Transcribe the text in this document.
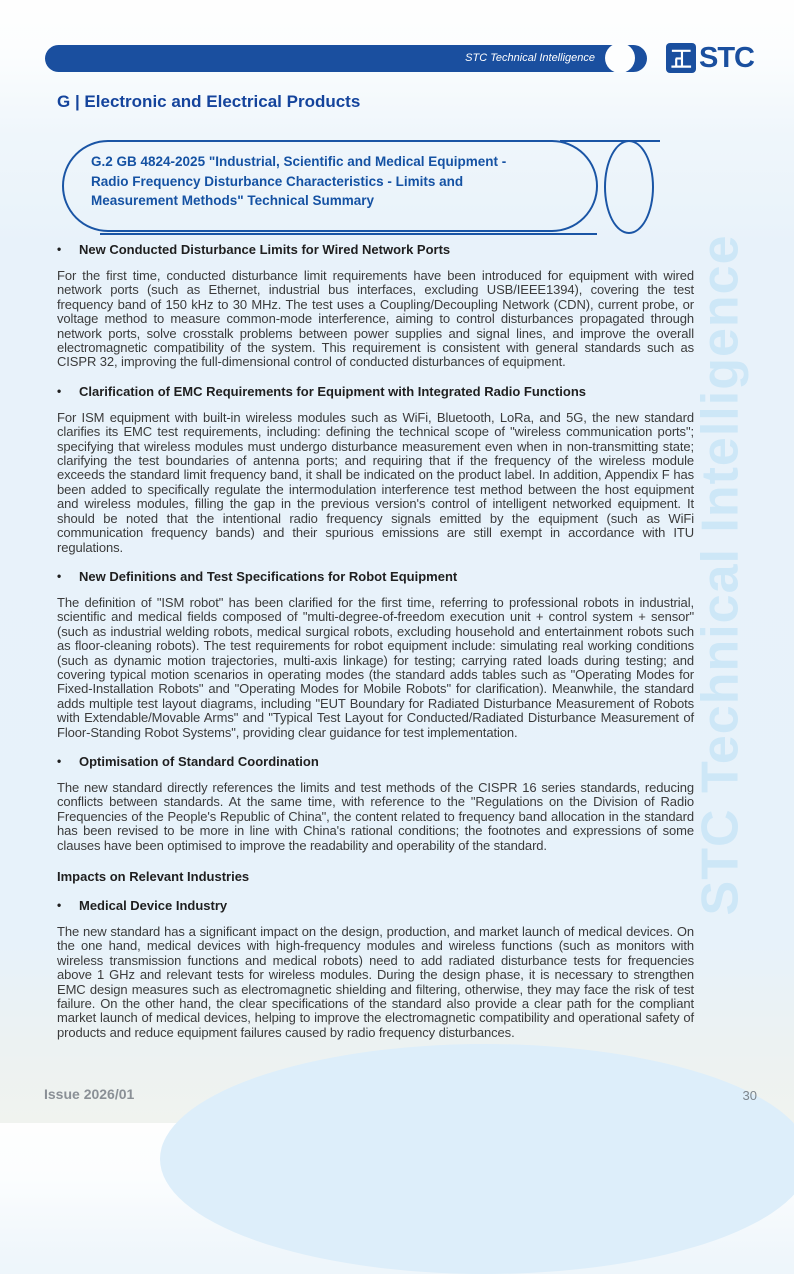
STC Technical Intelligence
STC Technical Intelligence	STC
G | Electronic and Electrical Products
G.2 GB 4824-2025 "Industrial, Scientific and Medical Equipment -
Radio Frequency Disturbance Characteristics - Limits and
Measurement Methods" Technical Summary
•	New Conducted Disturbance Limits for Wired Network Ports

For the first time, conducted disturbance limit requirements have been introduced for equipment with wired network ports (such as Ethernet, industrial bus interfaces, excluding USB/IEEE1394), covering the test frequency band of 150 kHz to 30 MHz. The test uses a Coupling/Decoupling Network (CDN), current probe, or voltage method to measure common-mode interference, aiming to control disturbances propagated through network ports, solve crosstalk problems between power supplies and signal lines, and improve the overall electromagnetic compatibility of the system. This requirement is consistent with general standards such as CISPR 32, improving the full-dimensional control of conducted disturbances of equipment.

•	Clarification of EMC Requirements for Equipment with Integrated Radio Functions

For ISM equipment with built-in wireless modules such as WiFi, Bluetooth, LoRa, and 5G, the new standard clarifies its EMC test requirements, including: defining the technical scope of "wireless communication ports"; specifying that wireless modules must undergo disturbance measurement even when in non-transmitting state; clarifying the test boundaries of antenna ports; and requiring that if the frequency of the wireless module exceeds the standard limit frequency band, it shall be indicated on the product label. In addition, Appendix F has been added to specifically regulate the intermodulation interference test method between the host equipment and wireless modules, filling the gap in the previous version's control of intelligent networked equipment. It should be noted that the intentional radio frequency signals emitted by the equipment (such as WiFi communication frequency bands) and their spurious emissions are still exempt in accordance with ITU regulations.

•	New Definitions and Test Specifications for Robot Equipment

The definition of "ISM robot" has been clarified for the first time, referring to professional robots in industrial, scientific and medical fields composed of "multi-degree-of-freedom execution unit + control system + sensor" (such as industrial welding robots, medical surgical robots, excluding household and entertainment robots such as floor-cleaning robots). The test requirements for robot equipment include: simulating real working conditions (such as dynamic motion trajectories, multi-axis linkage) for testing; carrying rated loads during testing; and covering typical motion scenarios in operating modes (the standard adds tables such as "Operating Modes for Fixed-Installation Robots" and "Operating Modes for Mobile Robots" for clarification). Meanwhile, the standard adds multiple test layout diagrams, including "EUT Boundary for Radiated Disturbance Measurement of Robots with Extendable/Movable Arms" and "Typical Test Layout for Conducted/Radiated Disturbance Measurement of Floor-Standing Robot Systems", providing clear guidance for test implementation.

•	Optimisation of Standard Coordination

The new standard directly references the limits and test methods of the CISPR 16 series standards, reducing conflicts between standards. At the same time, with reference to the "Regulations on the Division of Radio Frequencies of the People's Republic of China", the content related to frequency band allocation in the standard has been revised to be more in line with China's rational conditions; the footnotes and expressions of some clauses have been optimised to improve the readability and operability of the standard.

Impacts on Relevant Industries
•	Medical Device Industry

The new standard has a significant impact on the design, production, and market launch of medical devices. On the one hand, medical devices with high-frequency modules and wireless functions (such as monitors with wireless transmission functions and medical robots) need to add radiated disturbance tests for frequencies above 1 GHz and relevant tests for wireless modules. During the design phase, it is necessary to strengthen EMC design measures such as electromagnetic shielding and filtering, otherwise, they may face the risk of test failure. On the other hand, the clear specifications of the standard also provide a clear path for the compliant market launch of medical devices, helping to improve the electromagnetic compatibility and operational safety of products and reduce equipment failures caused by radio frequency disturbances.

Issue 2026/01	30
